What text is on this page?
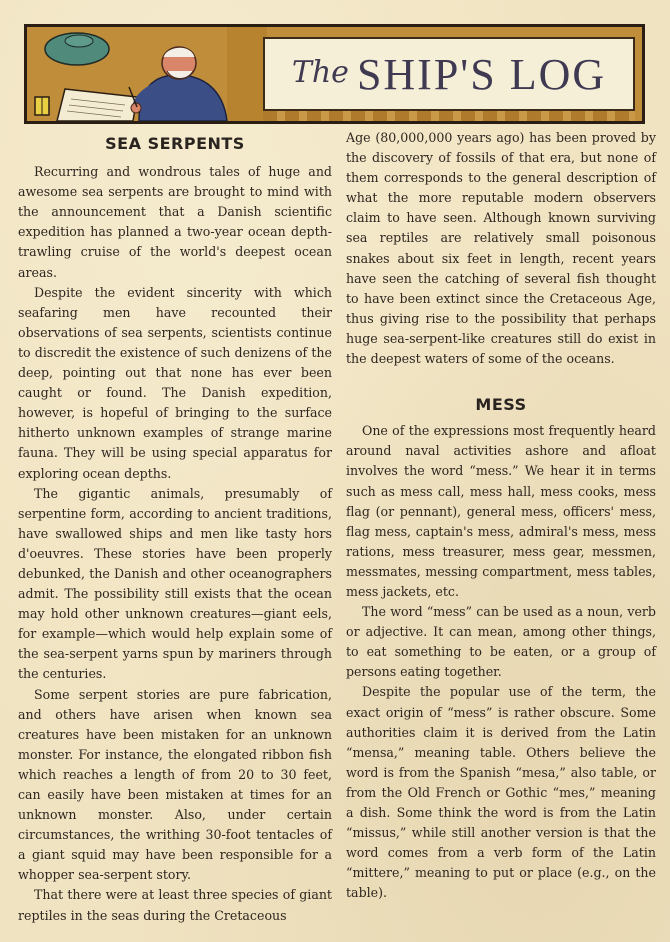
The SHIP'S LOG
SEA SERPENTS

Recurring and wondrous tales of huge and awesome sea serpents are brought to mind with the announcement that a Danish scientific expedition has planned a two-year ocean depth-trawling cruise of the world's deepest ocean areas.

Despite the evident sincerity with which seafaring men have recounted their observations of sea serpents, scientists continue to discredit the existence of such denizens of the deep, pointing out that none has ever been caught or found. The Danish expedition, however, is hopeful of bringing to the surface hitherto unknown examples of strange marine fauna. They will be using special apparatus for exploring ocean depths.

The gigantic animals, presumably of serpentine form, according to ancient traditions, have swallowed ships and men like tasty hors d'oeuvres. These stories have been properly debunked, the Danish and other oceanographers admit. The possibility still exists that the ocean may hold other unknown creatures—giant eels, for example—which would help explain some of the sea-serpent yarns spun by mariners through the centuries.

Some serpent stories are pure fabrication, and others have arisen when known sea creatures have been mistaken for an unknown monster. For instance, the elongated ribbon fish which reaches a length of from 20 to 30 feet, can easily have been mistaken at times for an unknown monster. Also, under certain circumstances, the writhing 30-foot tentacles of a giant squid may have been responsible for a whopper sea-serpent story.

That there were at least three species of giant reptiles in the seas during the Cretaceous

Age (80,000,000 years ago) has been proved by the discovery of fossils of that era, but none of them corresponds to the general description of what the more reputable modern observers claim to have seen. Although known surviving sea reptiles are relatively small poisonous snakes about six feet in length, recent years have seen the catching of several fish thought to have been extinct since the Cretaceous Age, thus giving rise to the possibility that perhaps huge sea-serpent-like creatures still do exist in the deepest waters of some of the oceans.

MESS

One of the expressions most frequently heard around naval activities ashore and afloat involves the word “mess.” We hear it in terms such as mess call, mess hall, mess cooks, mess flag (or pennant), general mess, officers' mess, flag mess, captain's mess, admiral's mess, mess rations, mess treasurer, mess gear, messmen, messmates, messing compartment, mess tables, mess jackets, etc.

The word “mess” can be used as a noun, verb or adjective. It can mean, among other things, to eat something to be eaten, or a group of persons eating together.

Despite the popular use of the term, the exact origin of “mess” is rather obscure. Some authorities claim it is derived from the Latin “mensa,” meaning table. Others believe the word is from the Spanish “mesa,” also table, or from the Old French or Gothic “mes,” meaning a dish. Some think the word is from the Latin “missus,” while still another version is that the word comes from a verb form of the Latin “mittere,” meaning to put or place (e.g., on the table).
